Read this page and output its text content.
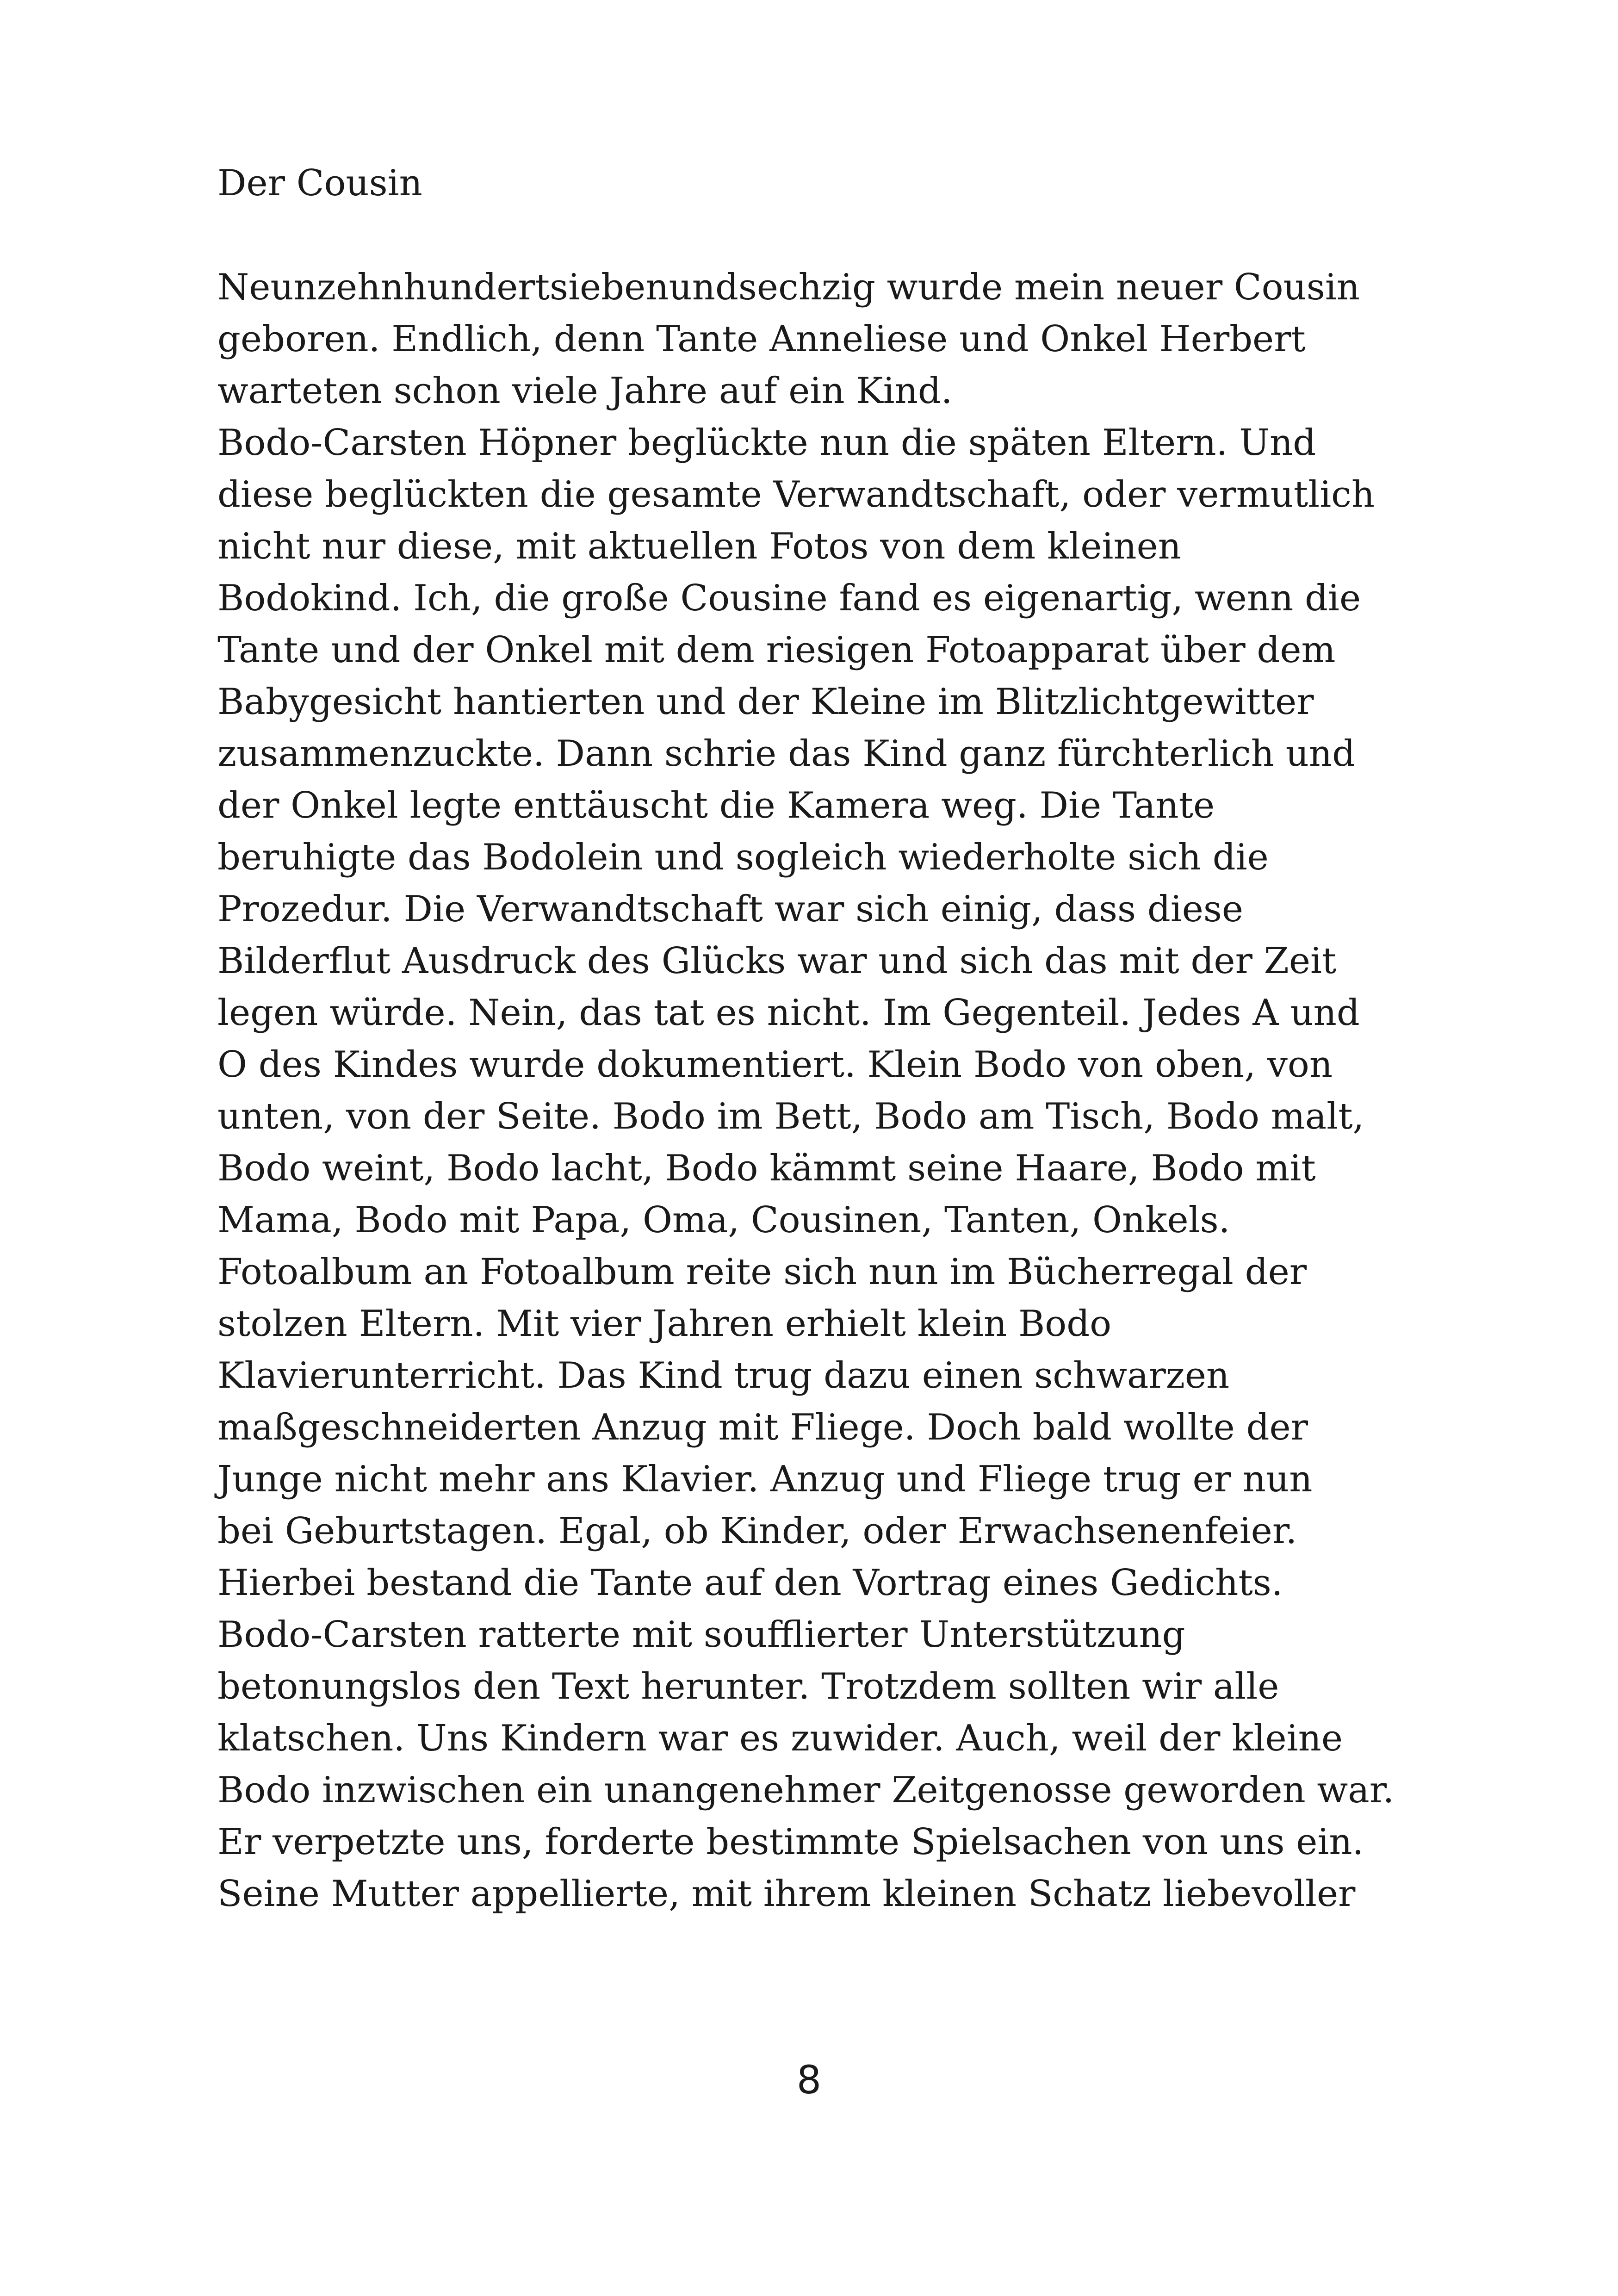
Der Cousin
Neunzehnhundertsiebenundsechzig wurde mein neuer Cousin
geboren. Endlich, denn Tante Anneliese und Onkel Herbert
warteten schon viele Jahre auf ein Kind.
Bodo-Carsten Höpner beglückte nun die späten Eltern. Und
diese beglückten die gesamte Verwandtschaft, oder vermutlich
nicht nur diese, mit aktuellen Fotos von dem kleinen
Bodokind. Ich, die große Cousine fand es eigenartig, wenn die
Tante und der Onkel mit dem riesigen Fotoapparat über dem
Babygesicht hantierten und der Kleine im Blitzlichtgewitter
zusammenzuckte. Dann schrie das Kind ganz fürchterlich und
der Onkel legte enttäuscht die Kamera weg. Die Tante
beruhigte das Bodolein und sogleich wiederholte sich die
Prozedur. Die Verwandtschaft war sich einig, dass diese
Bilderflut Ausdruck des Glücks war und sich das mit der Zeit
legen würde. Nein, das tat es nicht. Im Gegenteil. Jedes A und
O des Kindes wurde dokumentiert. Klein Bodo von oben, von
unten, von der Seite. Bodo im Bett, Bodo am Tisch, Bodo malt,
Bodo weint, Bodo lacht, Bodo kämmt seine Haare, Bodo mit
Mama, Bodo mit Papa, Oma, Cousinen, Tanten, Onkels.
Fotoalbum an Fotoalbum reite sich nun im Bücherregal der
stolzen Eltern. Mit vier Jahren erhielt klein Bodo
Klavierunterricht. Das Kind trug dazu einen schwarzen
maßgeschneiderten Anzug mit Fliege. Doch bald wollte der
Junge nicht mehr ans Klavier. Anzug und Fliege trug er nun
bei Geburtstagen. Egal, ob Kinder, oder Erwachsenenfeier.
Hierbei bestand die Tante auf den Vortrag eines Gedichts.
Bodo-Carsten ratterte mit soufflierter Unterstützung
betonungslos den Text herunter. Trotzdem sollten wir alle
klatschen. Uns Kindern war es zuwider. Auch, weil der kleine
Bodo inzwischen ein unangenehmer Zeitgenosse geworden war.
Er verpetzte uns, forderte bestimmte Spielsachen von uns ein.
Seine Mutter appellierte, mit ihrem kleinen Schatz liebevoller
8
